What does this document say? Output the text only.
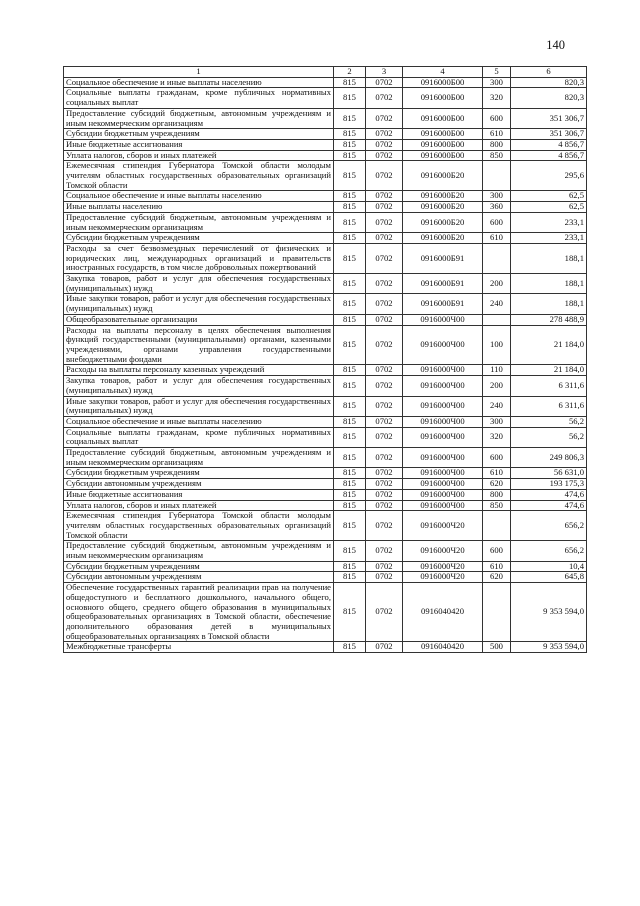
140
1	2	3	4	5	6
Социальное обеспечение и иные выплаты населению	815	0702	0916000Б00	300	820,3
Социальные выплаты гражданам, кроме публичных нормативных социальных выплат	815	0702	0916000Б00	320	820,3
Предоставление субсидий бюджетным, автономным учреждениям и иным некоммерческим организациям	815	0702	0916000Б00	600	351 306,7
Субсидии бюджетным учреждениям	815	0702	0916000Б00	610	351 306,7
Иные бюджетные ассигнования	815	0702	0916000Б00	800	4 856,7
Уплата налогов, сборов и иных платежей	815	0702	0916000Б00	850	4 856,7
Ежемесячная стипендия Губернатора Томской области молодым учителям областных государственных образовательных организаций Томской области	815	0702	0916000Б20		295,6
Социальное обеспечение и иные выплаты населению	815	0702	0916000Б20	300	62,5
Иные выплаты населению	815	0702	0916000Б20	360	62,5
Предоставление субсидий бюджетным, автономным учреждениям и иным некоммерческим организациям	815	0702	0916000Б20	600	233,1
Субсидии бюджетным учреждениям	815	0702	0916000Б20	610	233,1
Расходы за счет безвозмездных перечислений от физических и юридических лиц, международных организаций и правительств иностранных государств, в том числе добровольных пожертвований	815	0702	0916000Б91		188,1
Закупка товаров, работ и услуг для обеспечения государственных (муниципальных) нужд	815	0702	0916000Б91	200	188,1
Иные закупки товаров, работ и услуг для обеспечения государственных (муниципальных) нужд	815	0702	0916000Б91	240	188,1
Общеобразовательные организации	815	0702	0916000Ч00		278 488,9
Расходы на выплаты персоналу в целях обеспечения выполнения функций государственными (муниципальными) органами, казенными учреждениями, органами управления государственными внебюджетными фондами	815	0702	0916000Ч00	100	21 184,0
Расходы на выплаты персоналу казенных учреждений	815	0702	0916000Ч00	110	21 184,0
Закупка товаров, работ и услуг для обеспечения государственных (муниципальных) нужд	815	0702	0916000Ч00	200	6 311,6
Иные закупки товаров, работ и услуг для обеспечения государственных (муниципальных) нужд	815	0702	0916000Ч00	240	6 311,6
Социальное обеспечение и иные выплаты населению	815	0702	0916000Ч00	300	56,2
Социальные выплаты гражданам, кроме публичных нормативных социальных выплат	815	0702	0916000Ч00	320	56,2
Предоставление субсидий бюджетным, автономным учреждениям и иным некоммерческим организациям	815	0702	0916000Ч00	600	249 806,3
Субсидии бюджетным учреждениям	815	0702	0916000Ч00	610	56 631,0
Субсидии автономным учреждениям	815	0702	0916000Ч00	620	193 175,3
Иные бюджетные ассигнования	815	0702	0916000Ч00	800	474,6
Уплата налогов, сборов и иных платежей	815	0702	0916000Ч00	850	474,6
Ежемесячная стипендия Губернатора Томской области молодым учителям областных государственных образовательных организаций Томской области	815	0702	0916000Ч20		656,2
Предоставление субсидий бюджетным, автономным учреждениям и иным некоммерческим организациям	815	0702	0916000Ч20	600	656,2
Субсидии бюджетным учреждениям	815	0702	0916000Ч20	610	10,4
Субсидии автономным учреждениям	815	0702	0916000Ч20	620	645,8
Обеспечение государственных гарантий реализации прав на получение общедоступного и бесплатного дошкольного, начального общего, основного общего, среднего общего образования в муниципальных общеобразовательных организациях в Томской области, обеспечение дополнительного образования детей в муниципальных общеобразовательных организациях в Томской области	815	0702	0916040420		9 353 594,0
Межбюджетные трансферты	815	0702	0916040420	500	9 353 594,0
